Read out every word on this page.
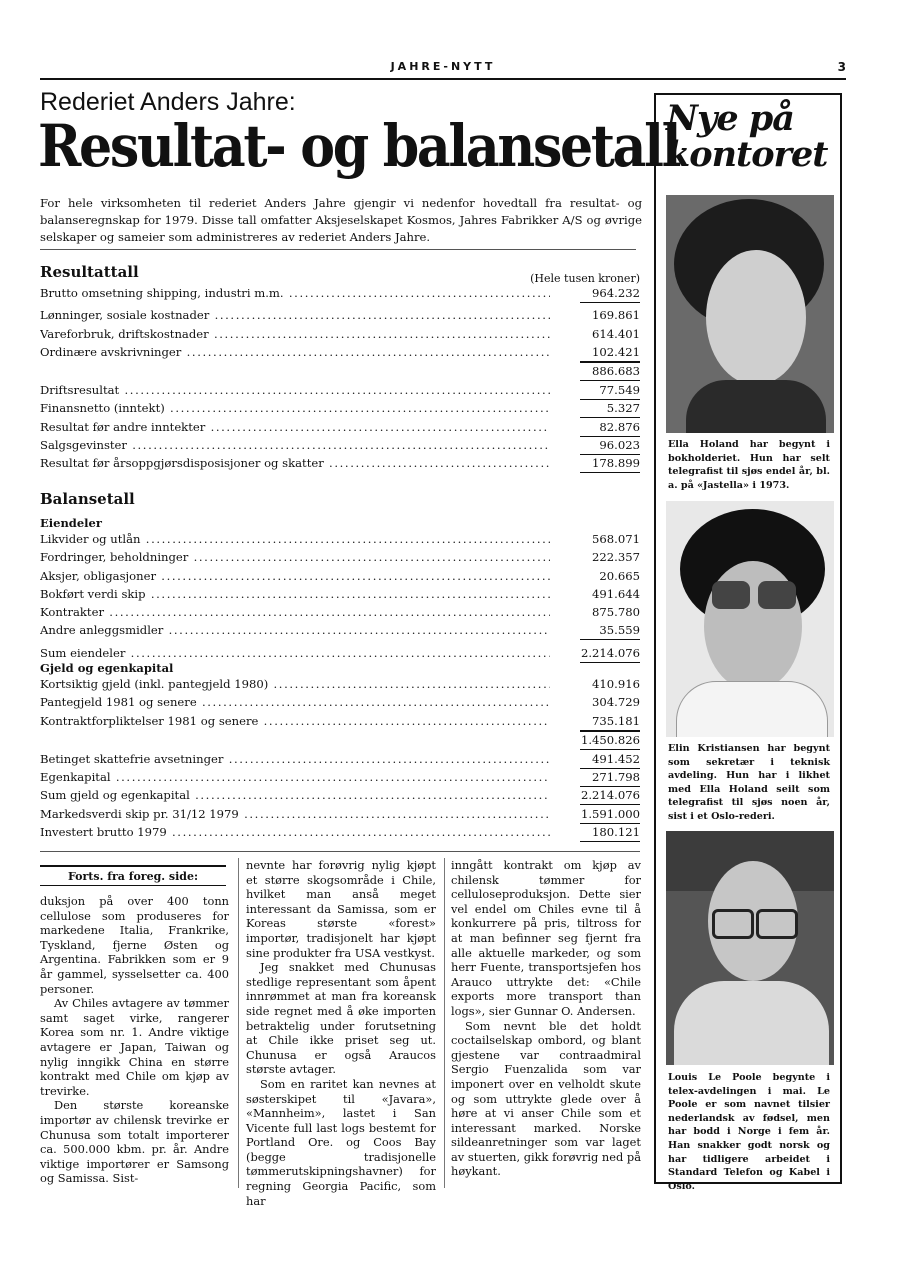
JAHRE-NYTT	3
Rederiet Anders Jahre:
Resultat- og balansetall
For hele virksomheten til rederiet Anders Jahre gjengir vi nedenfor hovedtall fra resultat- og balanseregnskap for 1979. Disse tall omfatter Aksjeselskapet Kosmos, Jahres Fabrikker A/S og øvrige selskaper og sameier som administreres av rederiet Anders Jahre.
Resultattall	(Hele tusen kroner)
Brutto omsetning shipping, industri m.m. .....	964.232
Lønninger, sosiale kostnader .....	169.861
Vareforbruk, driftskostnader .....	614.401
Ordinære avskrivninger .....	102.421
886.683
Driftsresultat .....	77.549
Finansnetto (inntekt) .....	5.327
Resultat før andre inntekter .....	82.876
Salgsgevinster .....	96.023
Resultat før årsoppgjørsdisposisjoner og skatter .....	178.899
Balansetall
Eiendeler
Likvider og utlån .....	568.071
Fordringer, beholdninger .....	222.357
Aksjer, obligasjoner .....	20.665
Bokført verdi skip .....	491.644
Kontrakter .....	875.780
Andre anleggsmidler .....	35.559
Sum eiendeler .....	2.214.076
Gjeld og egenkapital
Kortsiktig gjeld (inkl. pantegjeld 1980) .....	410.916
Pantegjeld 1981 og senere .....	304.729
Kontraktforpliktelser 1981 og senere .....	735.181
1.450.826
Betinget skattefrie avsetninger .....	491.452
Egenkapital .....	271.798
Sum gjeld og egenkapital .....	2.214.076
Markedsverdi skip pr. 31/12 1979 .....	1.591.000
Investert brutto 1979 .....	180.121
Nye på
kontoret
Ella Holand har begynt i bokholderiet. Hun har selt telegrafist til sjøs endel år, bl. a. på «Jastella» i 1973.
Elin Kristiansen har begynt som sekretær i teknisk avdeling. Hun har i likhet med Ella Holand seilt som telegrafist til sjøs noen år, sist i et Oslo-rederi.
Louis Le Poole begynte i telex-avdelingen i mai. Le Poole er som navnet tilsier nederlandsk av fødsel, men har bodd i Norge i fem år. Han snakker godt norsk og har tidligere arbeidet i Standard Telefon og Kabel i Oslo.
Forts. fra foreg. side:

duksjon på over 400 tonn cellulose som produseres for markedene Italia, Frankrike, Tyskland, fjerne Østen og Argentina. Fabrikken som er 9 år gammel, sysselsetter ca. 400 personer.

Av Chiles avtagere av tømmer samt saget virke, rangerer Korea som nr. 1. Andre viktige avtagere er Japan, Taiwan og nylig inngikk China en større kontrakt med Chile om kjøp av trevirke.

Den største koreanske importør av chilensk trevirke er Chunusa som totalt importerer ca. 500.000 kbm. pr. år. Andre viktige importører er Samsong og Samissa. Sist-

nevnte har forøvrig nylig kjøpt et større skogsområde i Chile, hvilket man anså meget interessant da Samissa, som er Koreas største «forest» importør, tradisjonelt har kjøpt sine produkter fra USA vestkyst.

Jeg snakket med Chunusas stedlige representant som åpent innrømmet at man fra koreansk side regnet med å øke importen betraktelig under forutsetning at Chile ikke priset seg ut. Chunusa er også Araucos største avtager.

Som en raritet kan nevnes at søsterskipet til «Javara», «Mannheim», lastet i San Vicente full last logs bestemt for Portland Ore. og Coos Bay (begge tradisjonelle tømmerutskipningshavner) for regning Georgia Pacific, som har

inngått kontrakt om kjøp av chilensk tømmer for celluloseproduksjon. Dette sier vel endel om Chiles evne til å konkurrere på pris, tiltross for at man befinner seg fjernt fra alle aktuelle markeder, og som herr Fuente, transportsjefen hos Arauco uttrykte det: «Chile exports more transport than logs», sier Gunnar O. Andersen.

Som nevnt ble det holdt coctailselskap ombord, og blant gjestene var contraadmiral Sergio Fuenzalida som var imponert over en velholdt skute og som uttrykte glede over å høre at vi anser Chile som et interessant marked. Norske sildeanretninger som var laget av stuerten, gikk forøvrig ned på høykant.
